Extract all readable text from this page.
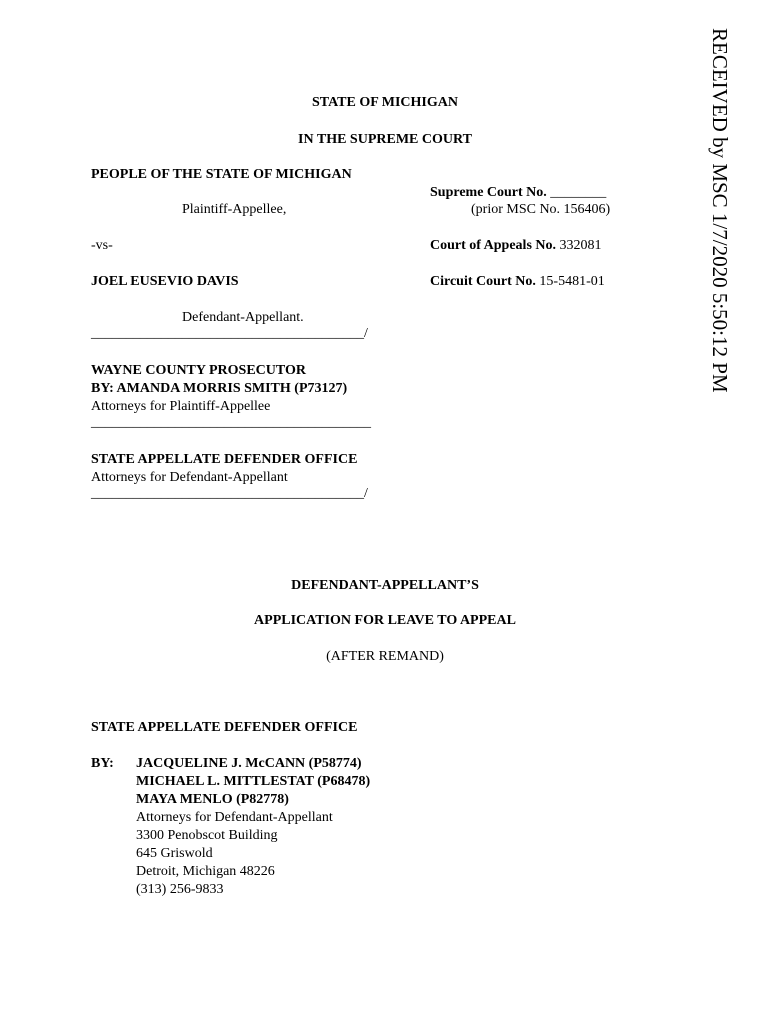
RECEIVED by MSC 1/7/2020 5:50:12 PM
STATE OF MICHIGAN
IN THE SUPREME COURT
PEOPLE OF THE STATE OF MICHIGAN
Plaintiff-Appellee,
-vs-
JOEL EUSEVIO DAVIS
Defendant-Appellant.
_______________________________________/
Supreme Court No. ________
(prior MSC No. 156406)
Court of Appeals No. 332081
Circuit Court No. 15-5481-01
WAYNE COUNTY PROSECUTOR
BY: AMANDA MORRIS SMITH (P73127)
Attorneys for Plaintiff-Appellee
________________________________________
STATE APPELLATE DEFENDER OFFICE
Attorneys for Defendant-Appellant
_______________________________________/
DEFENDANT-APPELLANT’S
APPLICATION FOR LEAVE TO APPEAL
(AFTER REMAND)
STATE APPELLATE DEFENDER OFFICE
BY: JACQUELINE J. McCANN (P58774)
MICHAEL L. MITTLESTAT (P68478)
MAYA MENLO (P82778)
Attorneys for Defendant-Appellant
3300 Penobscot Building
645 Griswold
Detroit, Michigan 48226
(313) 256-9833
